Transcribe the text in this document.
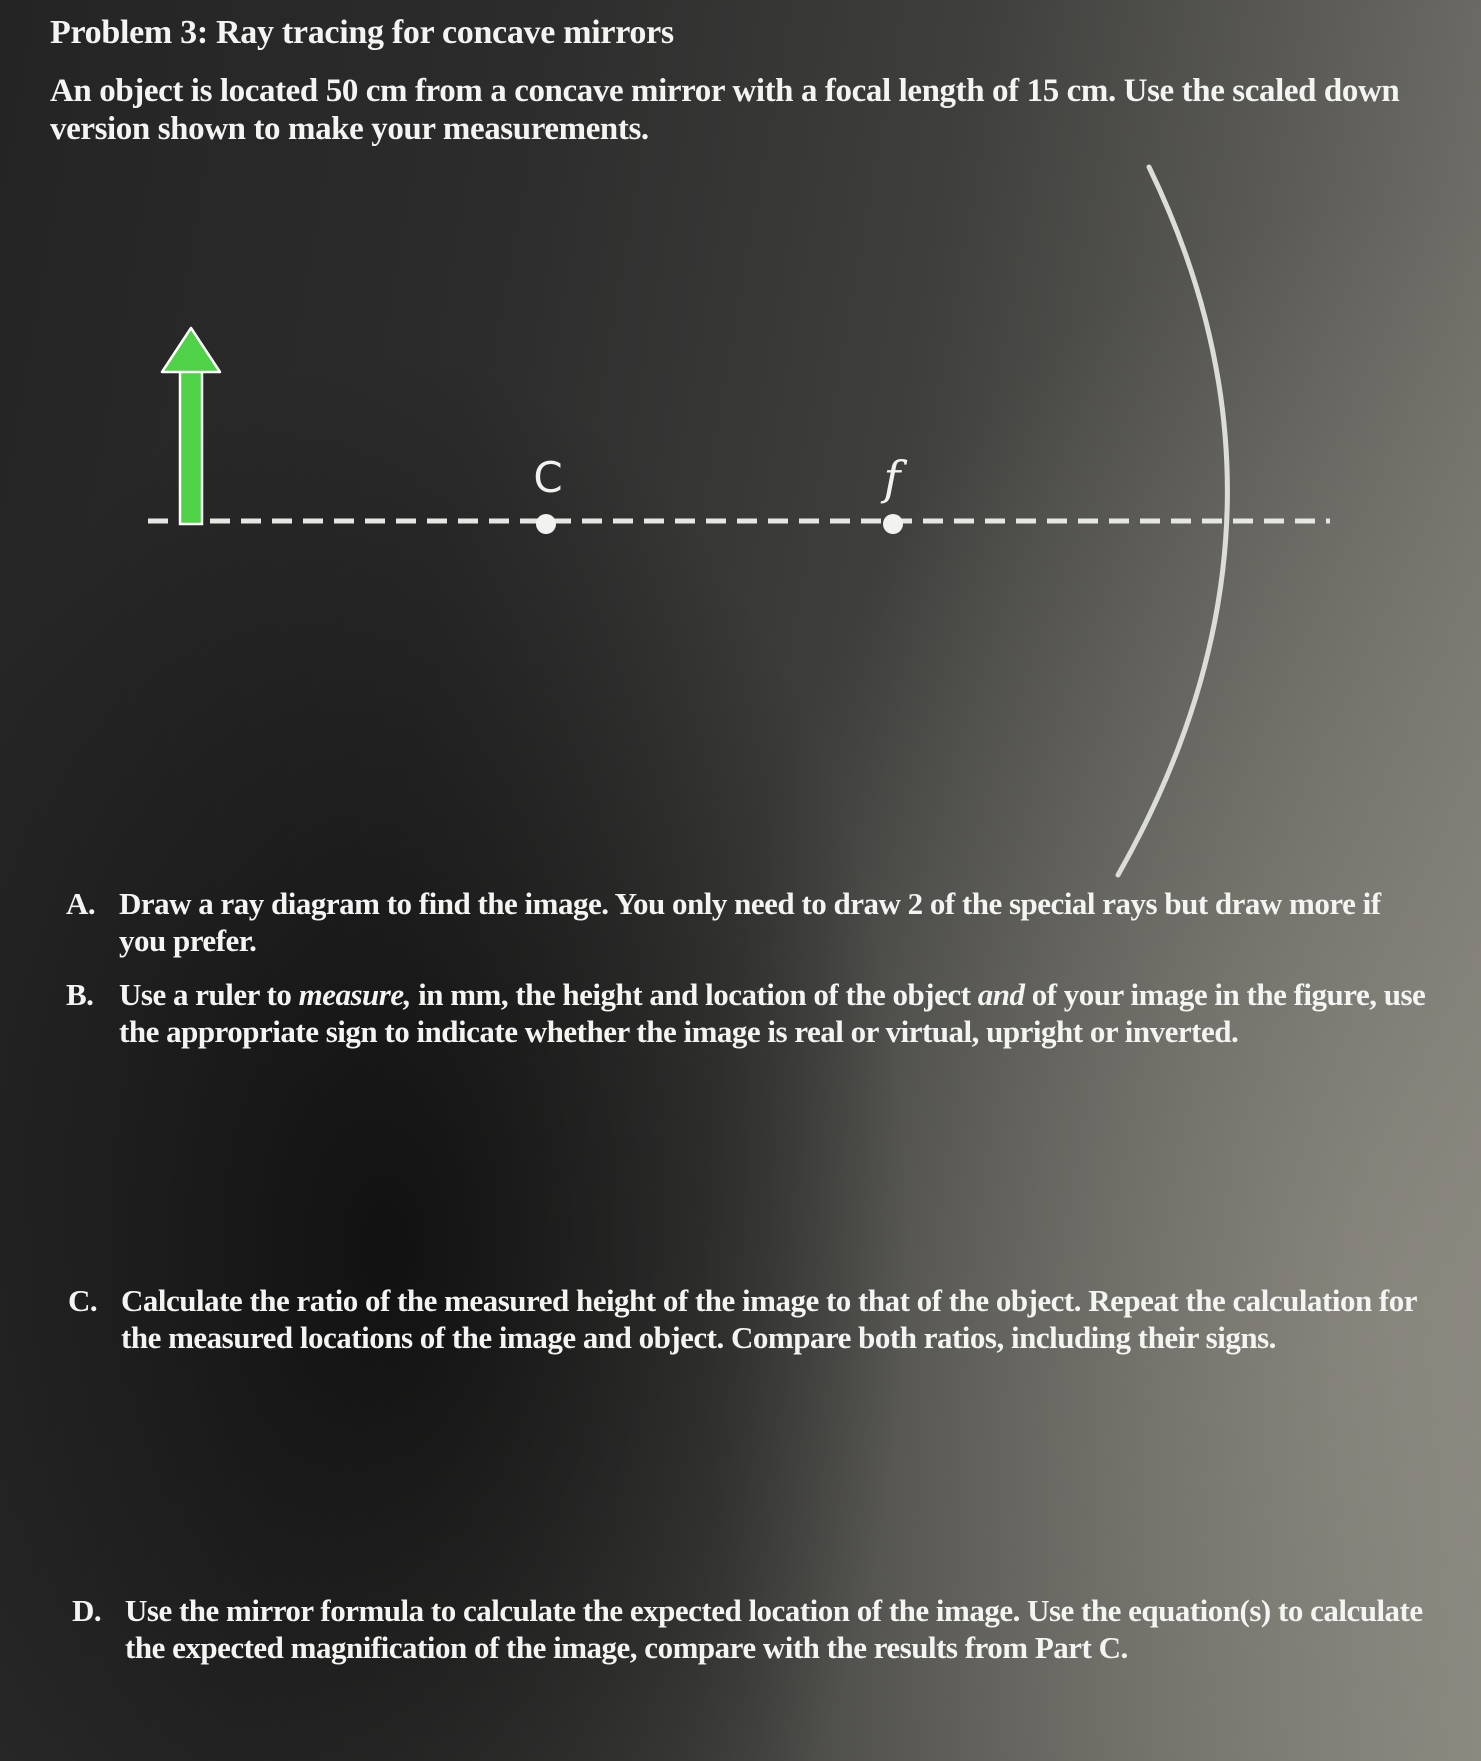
Problem 3: Ray tracing for concave mirrors

An object is located 50 cm from a concave mirror with a focal length of 15 cm. Use the scaled down version shown to make your measurements.

C	f
A. Draw a ray diagram to find the image. You only need to draw 2 of the special rays but draw more if you prefer.
B. Use a ruler to measure, in mm, the height and location of the object and of your image in the figure, use the appropriate sign to indicate whether the image is real or virtual, upright or inverted.
C. Calculate the ratio of the measured height of the image to that of the object. Repeat the calculation for the measured locations of the image and object. Compare both ratios, including their signs.
D. Use the mirror formula to calculate the expected location of the image. Use the equation(s) to calculate the expected magnification of the image, compare with the results from Part C.
